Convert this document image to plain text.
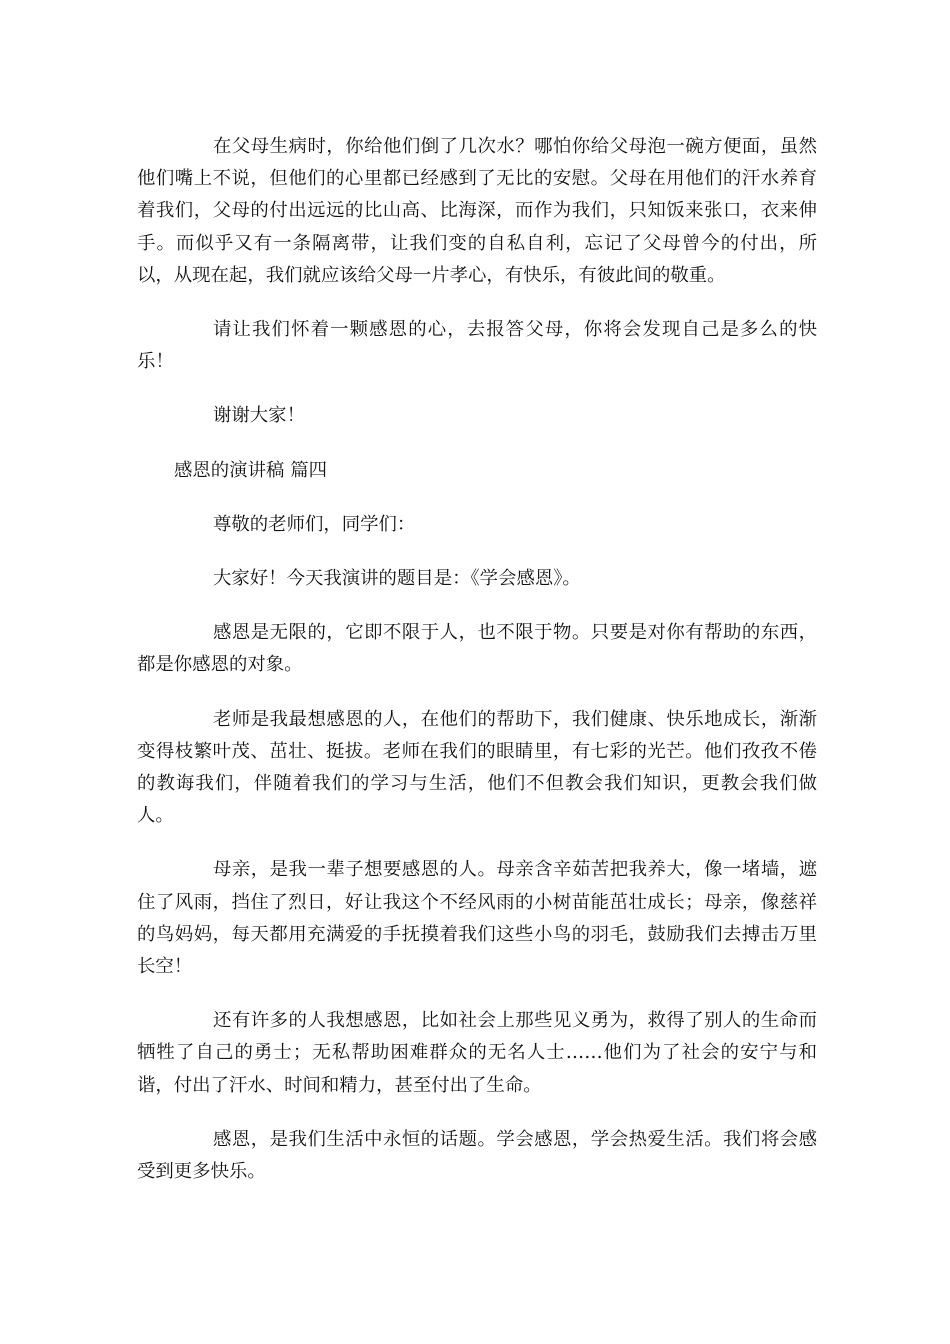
在父母生病时，你给他们倒了几次水？哪怕你给父母泡一碗方便面，虽然他们嘴上不说，但他们的心里都已经感到了无比的安慰。父母在用他们的汗水养育着我们，父母的付出远远的比山高、比海深，而作为我们，只知饭来张口，衣来伸手。而似乎又有一条隔离带，让我们变的自私自利，忘记了父母曾今的付出，所以，从现在起，我们就应该给父母一片孝心，有快乐，有彼此间的敬重。

请让我们怀着一颗感恩的心，去报答父母，你将会发现自己是多么的快乐！

谢谢大家！

感恩的演讲稿 篇四

尊敬的老师们，同学们：

大家好！今天我演讲的题目是：《学会感恩》。

感恩是无限的，它即不限于人，也不限于物。只要是对你有帮助的东西，都是你感恩的对象。

老师是我最想感恩的人，在他们的帮助下，我们健康、快乐地成长，渐渐变得枝繁叶茂、茁壮、挺拔。老师在我们的眼睛里，有七彩的光芒。他们孜孜不倦的教诲我们，伴随着我们的学习与生活，他们不但教会我们知识，更教会我们做人。

母亲，是我一辈子想要感恩的人。母亲含辛茹苦把我养大，像一堵墙，遮住了风雨，挡住了烈日，好让我这个不经风雨的小树苗能茁壮成长；母亲，像慈祥的鸟妈妈，每天都用充满爱的手抚摸着我们这些小鸟的羽毛，鼓励我们去搏击万里长空！

还有许多的人我想感恩，比如社会上那些见义勇为，救得了别人的生命而牺牲了自己的勇士；无私帮助困难群众的无名人士……他们为了社会的安宁与和谐，付出了汗水、时间和精力，甚至付出了生命。

感恩，是我们生活中永恒的话题。学会感恩，学会热爱生活。我们将会感受到更多快乐。
